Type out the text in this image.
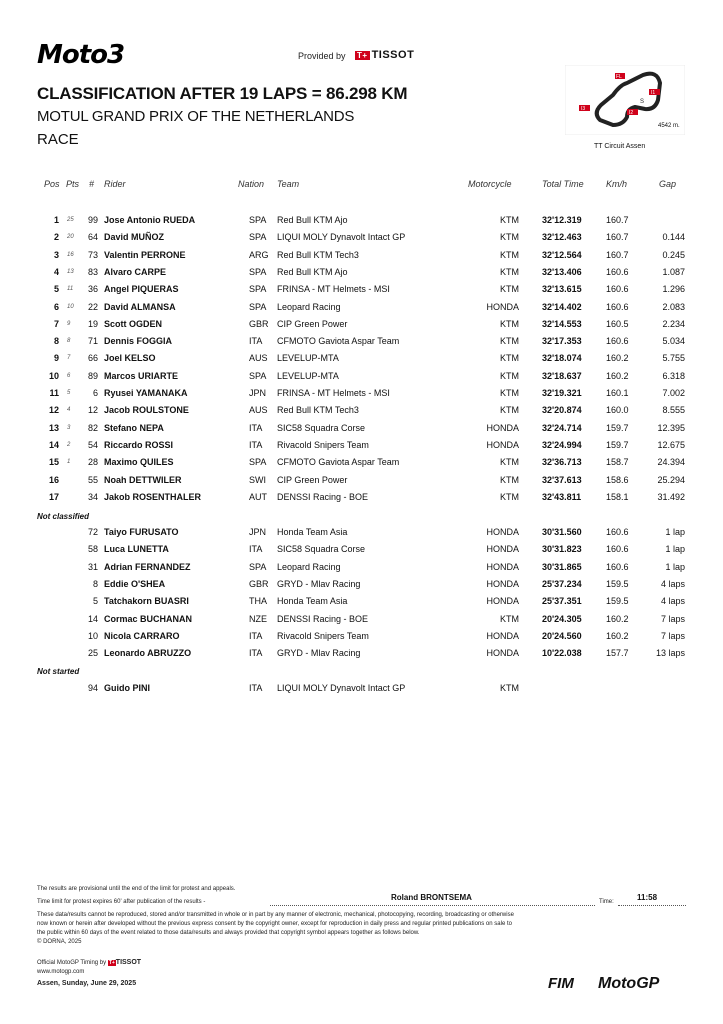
Moto3	Provided by T+ TISSOT
CLASSIFICATION AFTER 19 LAPS = 86.298 KM
MOTUL GRAND PRIX OF THE NETHERLANDS
RACE
FL
I1
S
I2
I3
4542 m.
TT Circuit Assen
Pos Pts # Rider	Nation Team	Motorcycle	Total Time Km/h	Gap
1 25	99 Jose Antonio RUEDA	SPA Red Bull KTM Ajo	KTM	32'12.319	160.7
2 20	64 David MUÑOZ	SPA LIQUI MOLY Dynavolt Intact GP	KTM	32'12.463	160.7	0.144
3 16	73 Valentin PERRONE	ARG Red Bull KTM Tech3	KTM	32'12.564	160.7	0.245
4 13	83 Alvaro CARPE	SPA Red Bull KTM Ajo	KTM	32'13.406	160.6	1.087
5 11	36 Angel PIQUERAS	SPA FRINSA - MT Helmets - MSI	KTM	32'13.615	160.6	1.296
6 10	22 David ALMANSA	SPA Leopard Racing	HONDA	32'14.402	160.6	2.083
7 9	19 Scott OGDEN	GBR CIP Green Power	KTM	32'14.553	160.5	2.234
8 8	71 Dennis FOGGIA	ITA CFMOTO Gaviota Aspar Team	KTM	32'17.353	160.6	5.034
9 7	66 Joel KELSO	AUS LEVELUP-MTA	KTM	32'18.074	160.2	5.755
10 6	89 Marcos URIARTE	SPA LEVELUP-MTA	KTM	32'18.637	160.2	6.318
11 5	6 Ryusei YAMANAKA	JPN FRINSA - MT Helmets - MSI	KTM	32'19.321	160.1	7.002
12 4	12 Jacob ROULSTONE	AUS Red Bull KTM Tech3	KTM	32'20.874	160.0	8.555
13 3	82 Stefano NEPA	ITA SIC58 Squadra Corse	HONDA	32'24.714	159.7	12.395
14 2	54 Riccardo ROSSI	ITA Rivacold Snipers Team	HONDA	32'24.994	159.7	12.675
15 1	28 Maximo QUILES	SPA CFMOTO Gaviota Aspar Team	KTM	32'36.713	158.7	24.394
16	55 Noah DETTWILER	SWI CIP Green Power	KTM	32'37.613	158.6	25.294
17	34 Jakob ROSENTHALER	AUT DENSSI Racing - BOE	KTM	32'43.811	158.1	31.492
Not classified
72 Taiyo FURUSATO	JPN Honda Team Asia	HONDA	30'31.560	160.6	1 lap
58 Luca LUNETTA	ITA SIC58 Squadra Corse	HONDA	30'31.823	160.6	1 lap
31 Adrian FERNANDEZ	SPA Leopard Racing	HONDA	30'31.865	160.6	1 lap
8 Eddie O'SHEA	GBR GRYD - Mlav Racing	HONDA	25'37.234	159.5	4 laps
5 Tatchakorn BUASRI	THA Honda Team Asia	HONDA	25'37.351	159.5	4 laps
14 Cormac BUCHANAN	NZE DENSSI Racing - BOE	KTM	20'24.305	160.2	7 laps
10 Nicola CARRARO	ITA Rivacold Snipers Team	HONDA	20'24.560	160.2	7 laps
25 Leonardo ABRUZZO	ITA GRYD - Mlav Racing	HONDA	10'22.038	157.7	13 laps
Not started
94 Guido PINI	ITA LIQUI MOLY Dynavolt Intact GP	KTM
The results are provisional until the end of the limit for protest and appeals.
Time limit for protest expires 60' after publication of the results -	Roland BRONTSEMA	Time:	11:58
These data/results cannot be reproduced, stored and/or transmitted in whole or in part by any manner of electronic, mechanical, photocopying, recording, broadcasting or otherwise
now known or herein after developed without the previous express consent by the copyright owner, except for reproduction in daily press and regular printed publications on sale to
the public within 60 days of the event related to those data/results and always provided that copyright symbol appears together as follows below.
© DORNA, 2025
Official MotoGP Timing by T+TISSOT
www.motogp.com
Assen, Sunday, June 29, 2025	FIM MotoGP
